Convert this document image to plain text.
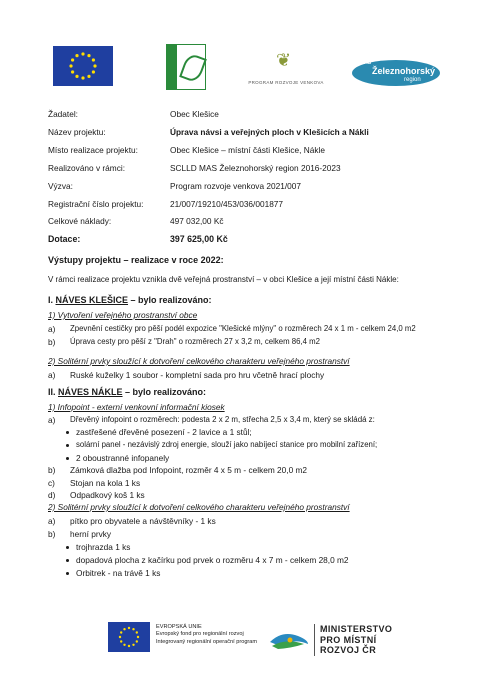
❦
PROGRAM ROZVOJE VENKOVA
MAS
Železnohorský
region
Žadatel:	Obec Klešice
Název projektu:	Úprava návsi a veřejných ploch v Klešicích a Nákli
Místo realizace projektu:	Obec Klešice – místní části Klešice, Nákle
Realizováno v rámci:	SCLLD MAS Železnohorský region 2016-2023
Výzva:	Program rozvoje venkova 2021/007
Registrační číslo projektu:	21/007/19210/453/036/001877
Celkové náklady:	497 032,00 Kč
Dotace:	397 625,00 Kč
Výstupy projektu – realizace v roce 2022:
V rámci realizace projektu vznikla dvě veřejná prostranství – v obci Klešice a její místní části Nákle:
I. NÁVES KLEŠICE – bylo realizováno:
1) Vytvoření veřejného prostranství obce
a) Zpevnění cestičky pro pěší podél expozice "Klešické mlýny" o rozměrech 24 x 1 m - celkem 24,0 m2
b) Úprava cesty pro pěší z "Drah" o rozměrech 27 x 3,2 m, celkem 86,4 m2
2) Solitérní prvky sloužící k dotvoření celkového charakteru veřejného prostranství
a) Ruské kuželky 1 soubor - kompletní sada pro hru včetně hrací plochy
II. NÁVES NÁKLE – bylo realizováno:
1) Infopoint - externí venkovní informační kiosek
a) Dřevěný infopoint o rozměrech: podesta 2 x 2 m, střecha 2,5 x 3,4 m, který se skládá z:
zastřešené dřevěné posezení - 2 lavice a 1 stůl;
solární panel - nezávislý zdroj energie, slouží jako nabíjecí stanice pro mobilní zařízení;
2 oboustranné infopanely
b) Zámková dlažba pod Infopoint, rozměr 4 x 5 m - celkem 20,0 m2
c) Stojan na kola 1 ks
d) Odpadkový koš 1 ks
2) Solitérní prvky sloužící k dotvoření celkového charakteru veřejného prostranství
a) pítko pro obyvatele a návštěvníky - 1 ks
b) herní prvky
trojhrazda 1 ks
dopadová plocha z kačírku pod prvek o rozměru 4 x 7 m - celkem 28,0 m2
Orbitrek - na trávě 1 ks
EVROPSKÁ UNIE
Evropský fond pro regionální rozvoj
Integrovaný regionální operační program
MINISTERSTVO
PRO MÍSTNÍ
ROZVOJ ČR
